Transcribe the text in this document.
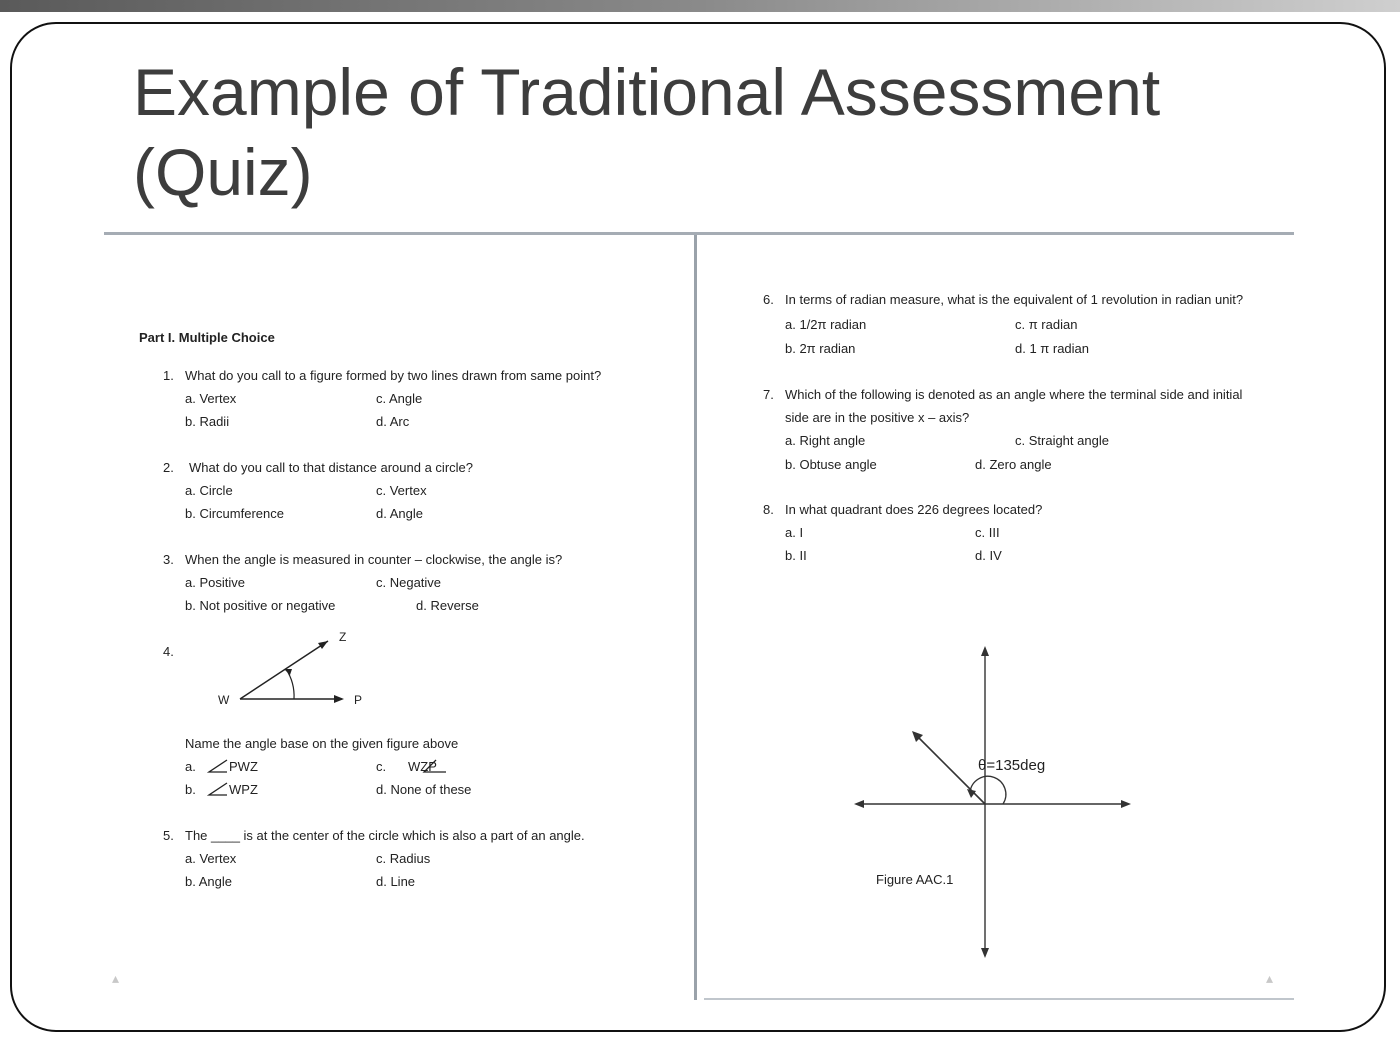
Example of Traditional Assessment
(Quiz)
Part I. Multiple Choice
1. What do you call to a figure formed by two lines drawn from same point?
a. Vertex	c. Angle
b. Radii	d. Arc
2. What do you call to that distance around a circle?
a. Circle	c. Vertex
b. Circumference	d. Angle
3. When the angle is measured in counter – clockwise, the angle is?
a. Positive	c. Negative
b. Not positive or negative	d. Reverse
4.
Z
W	P
Name the angle base on the given figure above
a.	PWZ	c. WZP
b.	WPZ	d. None of these
5. The ____ is at the center of the circle which is also a part of an angle.
a. Vertex	c. Radius
b. Angle	d. Line
▴
6. In terms of radian measure, what is the equivalent of 1 revolution in radian unit?
a. 1/2π radian	c. π radian
b. 2π radian	d. 1 π radian
7. Which of the following is denoted as an angle where the terminal side and initial
side are in the positive x – axis?
a. Right angle	c. Straight angle
b. Obtuse angle	d. Zero angle
8. In what quadrant does 226 degrees located?
a. I	c. III
b. II	d. IV
θ=135deg
Figure AAC.1
▴
